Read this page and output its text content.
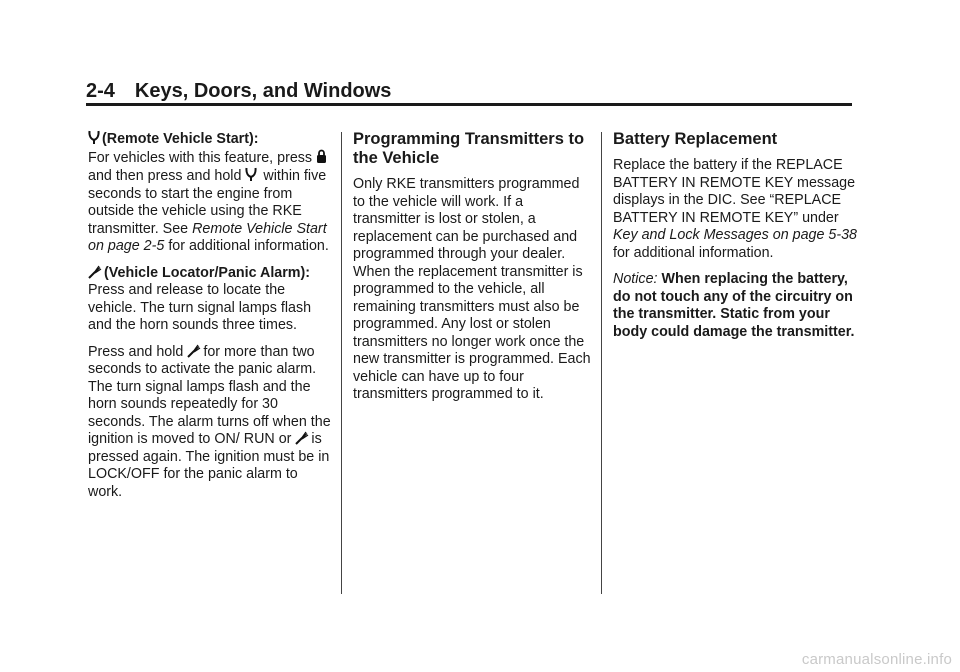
2-4 Keys, Doors, and Windows

(Remote Vehicle Start):
For vehicles with this feature, press
and then press and hold within five seconds to start the engine from outside the vehicle using the RKE transmitter. See Remote Vehicle Start on page 2-5 for additional information.

(Vehicle Locator/Panic Alarm): Press and release to locate the vehicle. The turn signal lamps flash and the horn sounds three times.

Press and hold for more than two seconds to activate the panic alarm. The turn signal lamps flash and the horn sounds repeatedly for 30 seconds. The alarm turns off when the ignition is moved to ON/ RUN or is pressed again. The ignition must be in LOCK/OFF for the panic alarm to work.

Programming Transmitters to the Vehicle

Only RKE transmitters programmed to the vehicle will work. If a transmitter is lost or stolen, a replacement can be purchased and programmed through your dealer. When the replacement transmitter is programmed to the vehicle, all remaining transmitters must also be programmed. Any lost or stolen transmitters no longer work once the new transmitter is programmed. Each vehicle can have up to four transmitters programmed to it.

Battery Replacement

Replace the battery if the REPLACE BATTERY IN REMOTE KEY message displays in the DIC. See “REPLACE BATTERY IN REMOTE KEY” under Key and Lock Messages on page 5-38 for additional information.

Notice: When replacing the battery, do not touch any of the circuitry on the transmitter. Static from your body could damage the transmitter.

carmanualsonline.info
